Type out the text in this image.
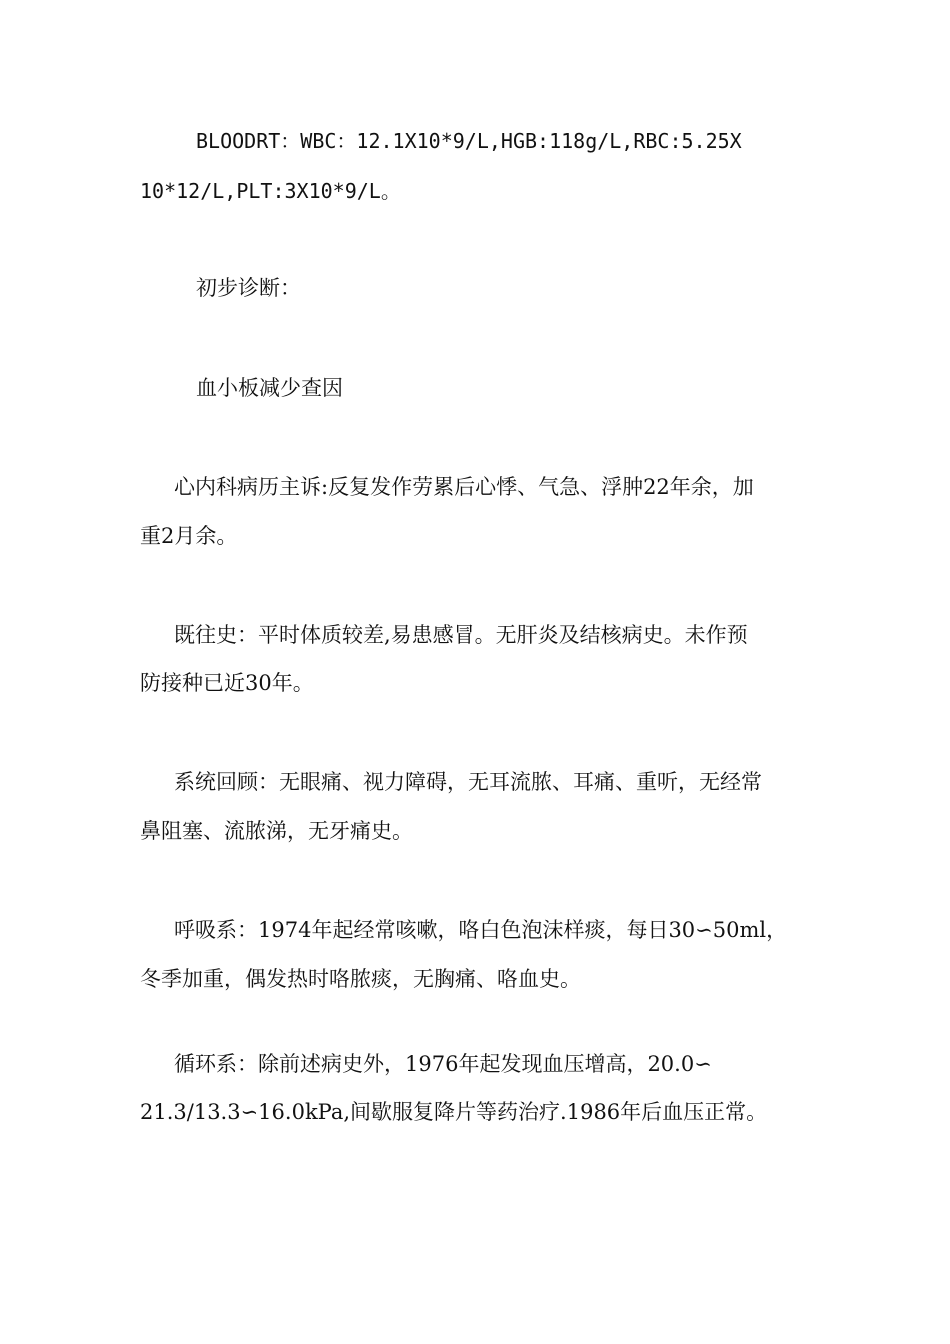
BLOODRT：WBC：12.1X10*9/L,HGB:118g/L,RBC:5.25X
10*12/L,PLT:3X10*9/L。
初步诊断：
血小板减少查因
心内科病历主诉:反复发作劳累后心悸、气急、浮肿22年余，加
重2月余。
既往史：平时体质较差,易患感冒。无肝炎及结核病史。未作预
防接种已近30年。
系统回顾：无眼痛、视力障碍，无耳流脓、耳痛、重听，无经常
鼻阻塞、流脓涕，无牙痛史。
呼吸系：1974年起经常咳嗽，咯白色泡沫样痰，每日30∽50ml，
冬季加重，偶发热时咯脓痰，无胸痛、咯血史。
循环系：除前述病史外，1976年起发现血压增高，20.0∽
21.3/13.3∽16.0kPa,间歇服复降片等药治疗.1986年后血压正常。
